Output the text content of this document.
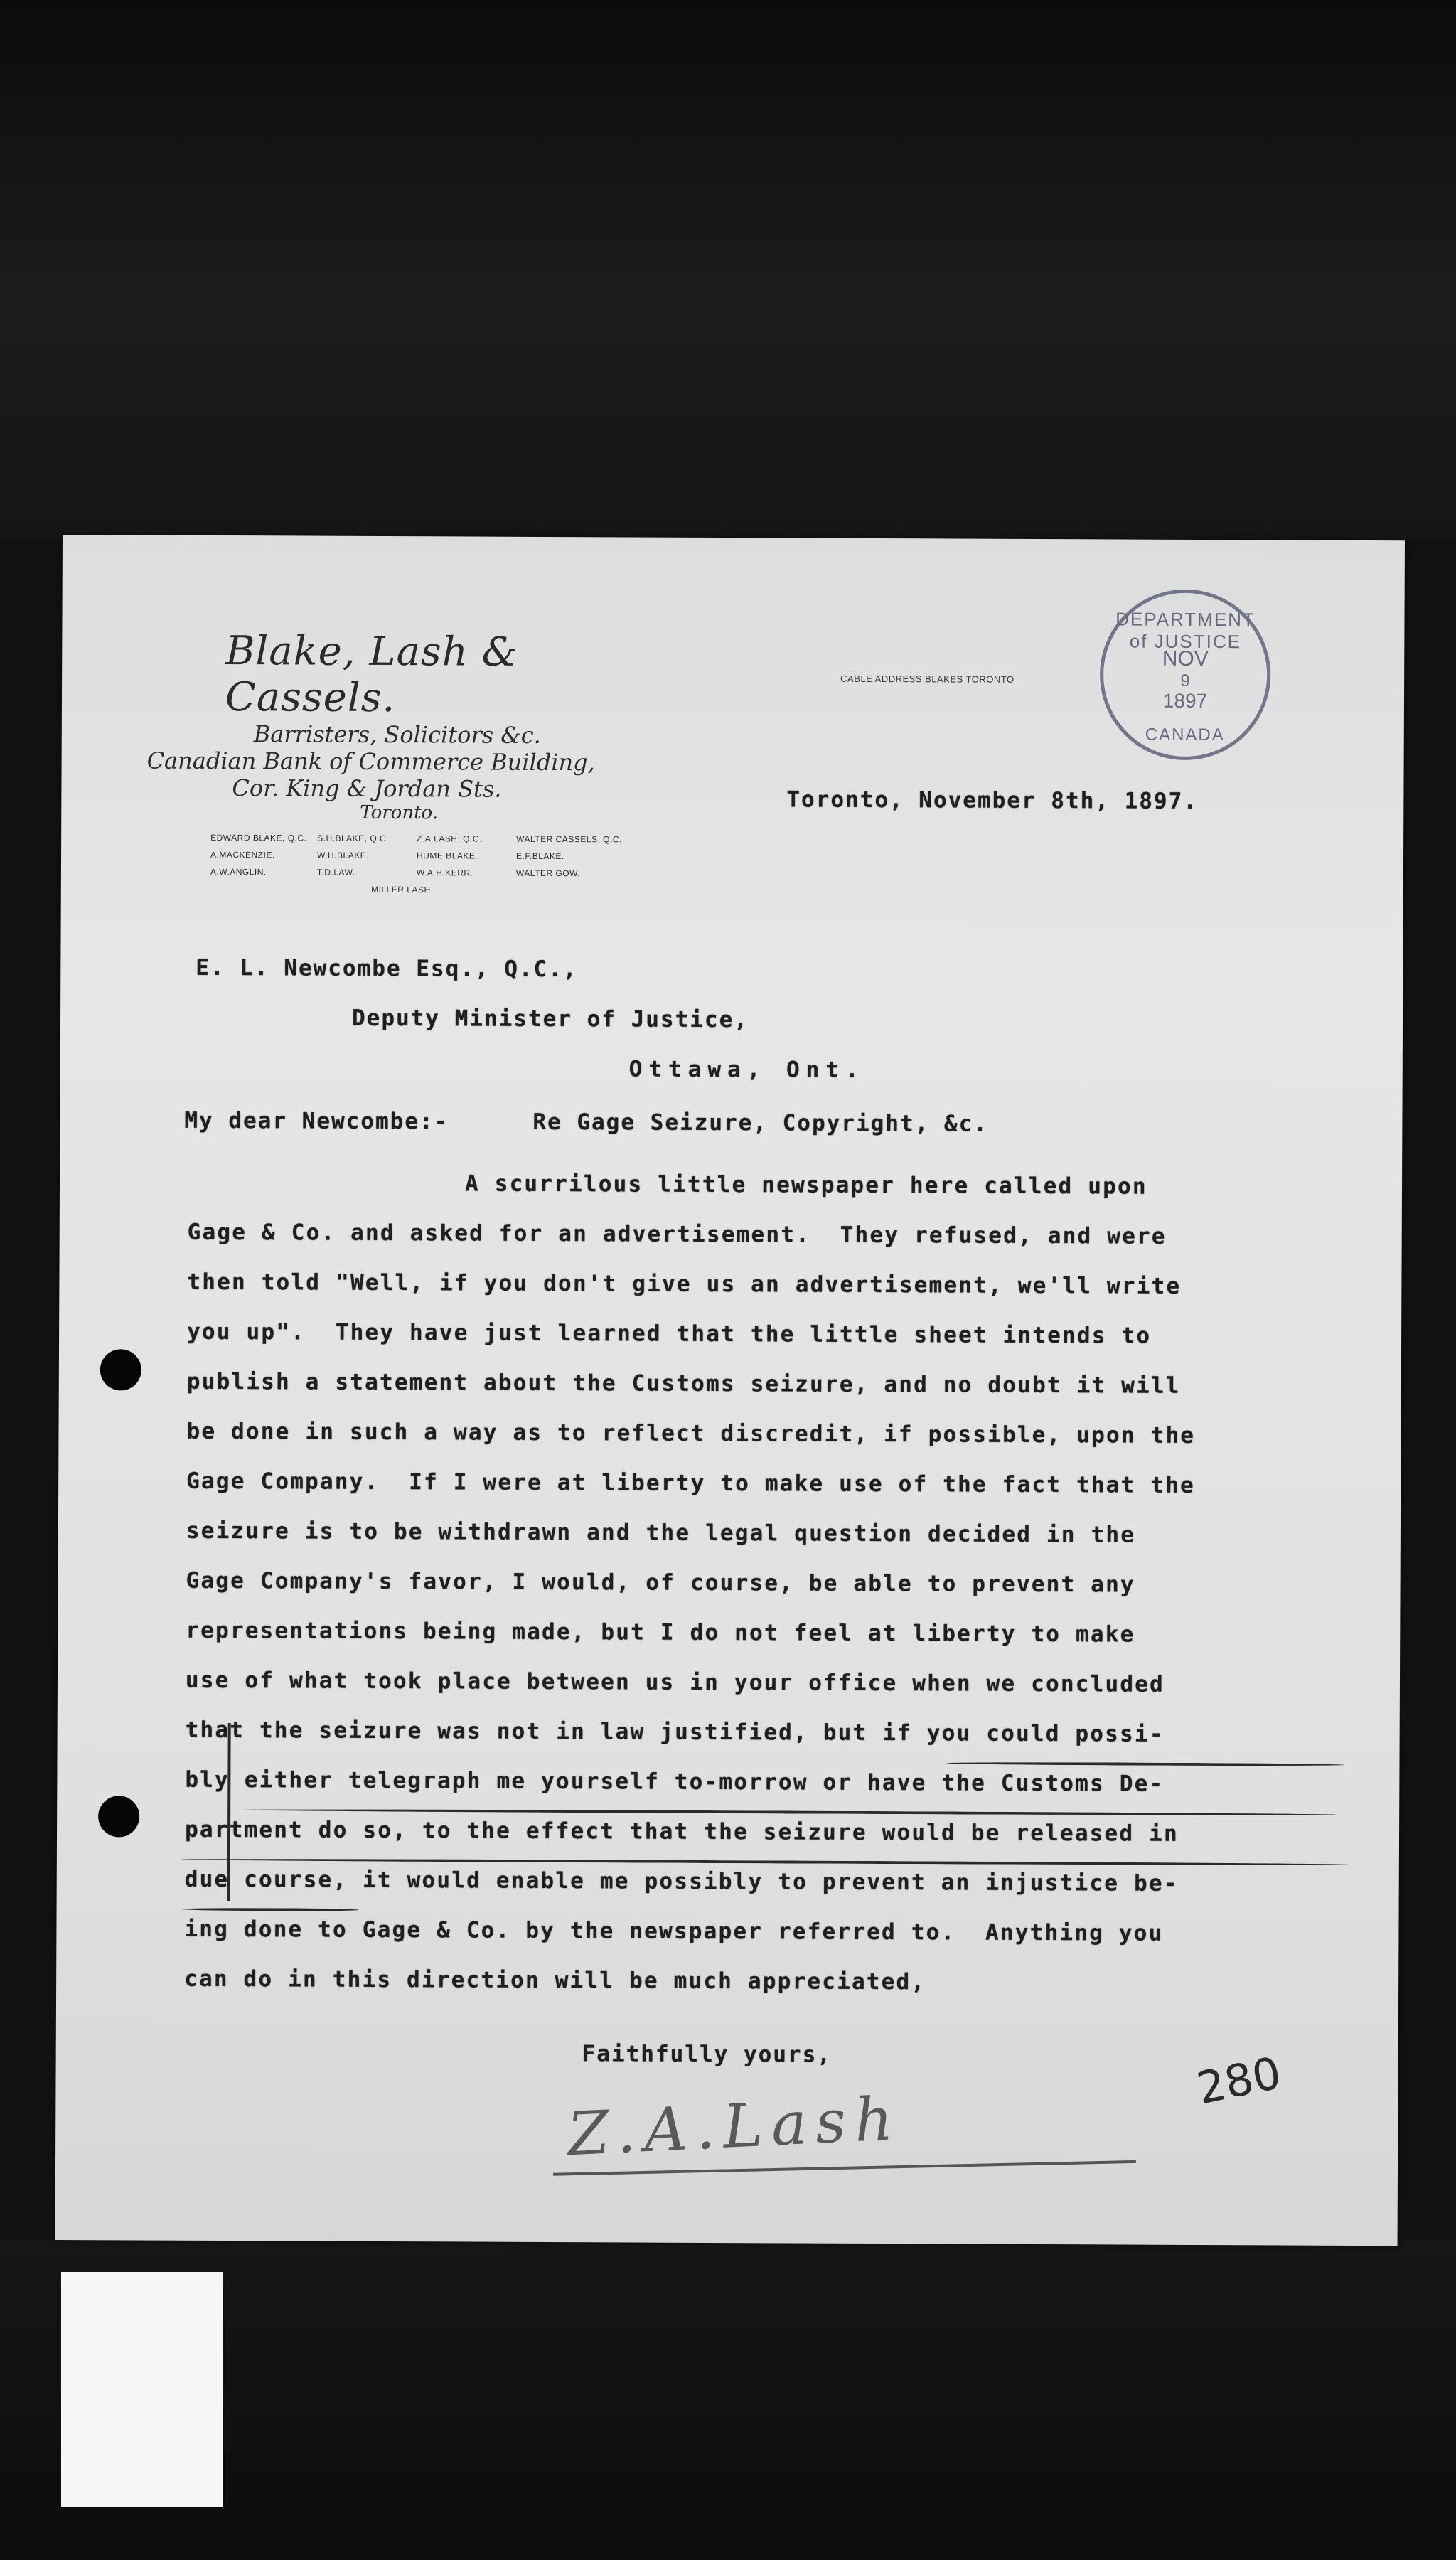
Blake, Lash & Cassels.

Barristers, Solicitors &c.

Canadian Bank of Commerce Building,

Cor. King & Jordan Sts.

Toronto.

EDWARD BLAKE, Q.C.	S.H.BLAKE, Q.C.	Z.A.LASH, Q.C.	WALTER CASSELS, Q.C.
A.MACKENZIE.	W.H.BLAKE.	HUME BLAKE.	E.F.BLAKE.
A.W.ANGLIN.	T.D.LAW.	W.A.H.KERR.	WALTER GOW.
MILLER LASH.
CABLE ADDRESS BLAKES TORONTO
DEPARTMENT of JUSTICE
NOV
9
1897
CANADA

Toronto, November 8th, 1897.

E. L. Newcombe Esq., Q.C.,

Deputy Minister of Justice,

Ottawa, Ont.

My dear Newcombe:-	Re Gage Seizure, Copyright, &c.

A scurrilous little newspaper here called upon
Gage & Co. and asked for an advertisement.  They refused, and were
then told "Well, if you don't give us an advertisement, we'll write
you up".  They have just learned that the little sheet intends to
publish a statement about the Customs seizure, and no doubt it will
be done in such a way as to reflect discredit, if possible, upon the
Gage Company.  If I were at liberty to make use of the fact that the
seizure is to be withdrawn and the legal question decided in the
Gage Company's favor, I would, of course, be able to prevent any
representations being made, but I do not feel at liberty to make
use of what took place between us in your office when we concluded
that the seizure was not in law justified, but if you could possi-
bly either telegraph me yourself to-morrow or have the Customs De-
partment do so, to the effect that the seizure would be released in
due course, it would enable me possibly to prevent an injustice be-
ing done to Gage & Co. by the newspaper referred to.  Anything you
can do in this direction will be much appreciated,

Faithfully yours,

Z.A.Lash
280
